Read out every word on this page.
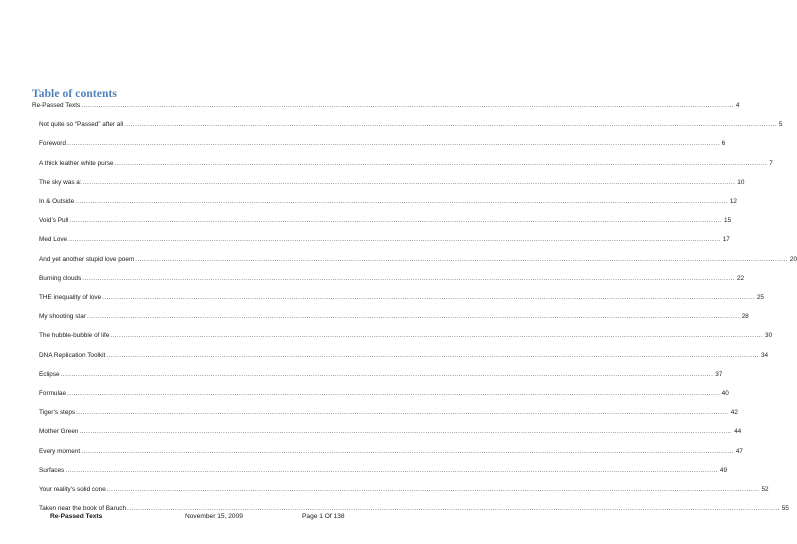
Table of contents
Re-Passed Texts ............................................................................................................................................................................................................................................................................................................ 4
Not quite so “Passed” after all ............................................................................................................................................................................................................................................................................................................ 5
Foreword ............................................................................................................................................................................................................................................................................................................ 6
A thick leather white purse ............................................................................................................................................................................................................................................................................................................ 7
The sky was a: ............................................................................................................................................................................................................................................................................................................ 10
In & Outside ............................................................................................................................................................................................................................................................................................................ 12
Void’s Pull ............................................................................................................................................................................................................................................................................................................ 15
Med Love ............................................................................................................................................................................................................................................................................................................ 17
And yet another stupid love poem ............................................................................................................................................................................................................................................................................................................ 20
Burning clouds ............................................................................................................................................................................................................................................................................................................ 22
THE inequality of love ............................................................................................................................................................................................................................................................................................................ 25
My shooting star ............................................................................................................................................................................................................................................................................................................ 28
The hubble-bubble of life ............................................................................................................................................................................................................................................................................................................ 30
DNA Replication Toolkit ............................................................................................................................................................................................................................................................................................................ 34
Eclipse ............................................................................................................................................................................................................................................................................................................ 37
Formulae ............................................................................................................................................................................................................................................................................................................ 40
Tiger’s steps ............................................................................................................................................................................................................................................................................................................ 42
Mother Green ............................................................................................................................................................................................................................................................................................................ 44
Every moment ............................................................................................................................................................................................................................................................................................................ 47
Surfaces ............................................................................................................................................................................................................................................................................................................ 49
Your reality’s solid cone ............................................................................................................................................................................................................................................................................................................ 52
Taken near the book of Baruch ............................................................................................................................................................................................................................................................................................................ 55
Re-Passed Texts	November 15, 2009	Page 1 Of 138
